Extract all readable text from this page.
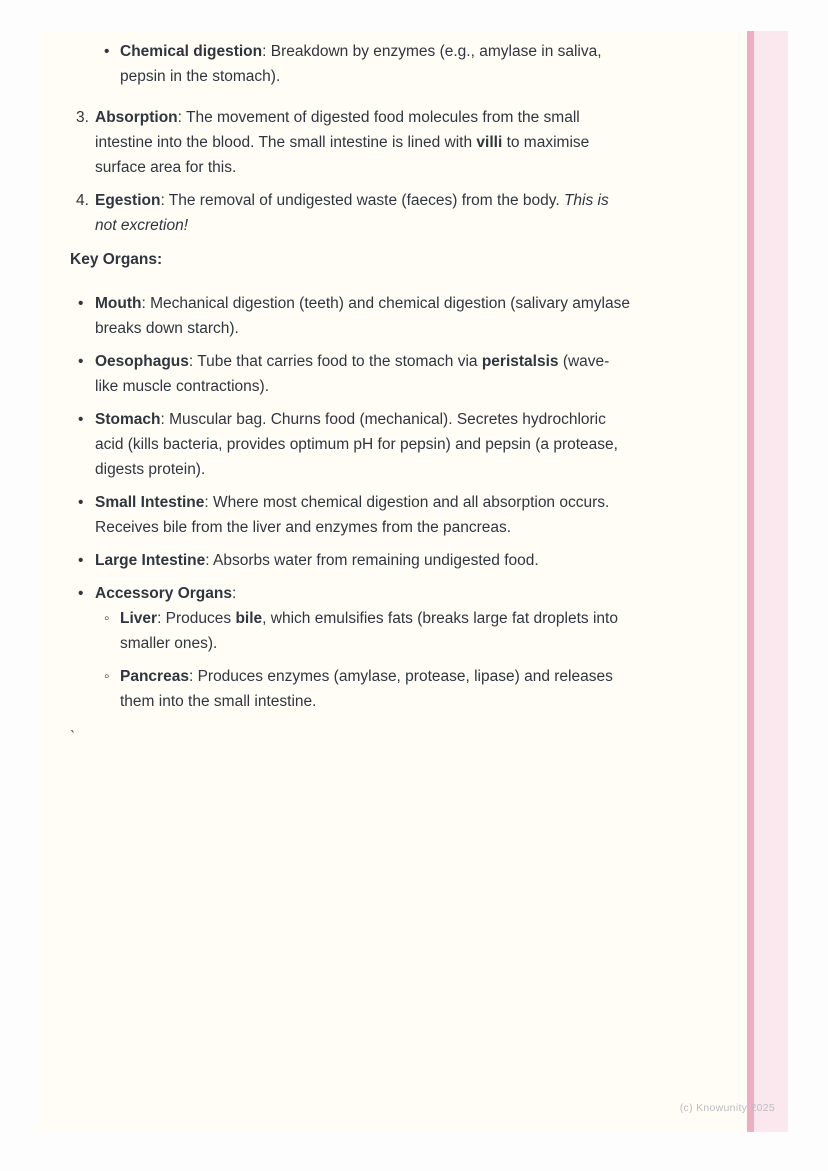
• Chemical digestion: Breakdown by enzymes (e.g., amylase in saliva, pepsin in the stomach).
3. Absorption: The movement of digested food molecules from the small intestine into the blood. The small intestine is lined with villi to maximise surface area for this.
4. Egestion: The removal of undigested waste (faeces) from the body. This is not excretion!
Key Organs:
• Mouth: Mechanical digestion (teeth) and chemical digestion (salivary amylase breaks down starch).
• Oesophagus: Tube that carries food to the stomach via peristalsis (wave-like muscle contractions).
• Stomach: Muscular bag. Churns food (mechanical). Secretes hydrochloric acid (kills bacteria, provides optimum pH for pepsin) and pepsin (a protease, digests protein).
• Small Intestine: Where most chemical digestion and all absorption occurs. Receives bile from the liver and enzymes from the pancreas.
• Large Intestine: Absorbs water from remaining undigested food.
• Accessory Organs:
◦ Liver: Produces bile, which emulsifies fats (breaks large fat droplets into smaller ones).
◦ Pancreas: Produces enzymes (amylase, protease, lipase) and releases them into the small intestine.
`
(c) Knowunity 2025
